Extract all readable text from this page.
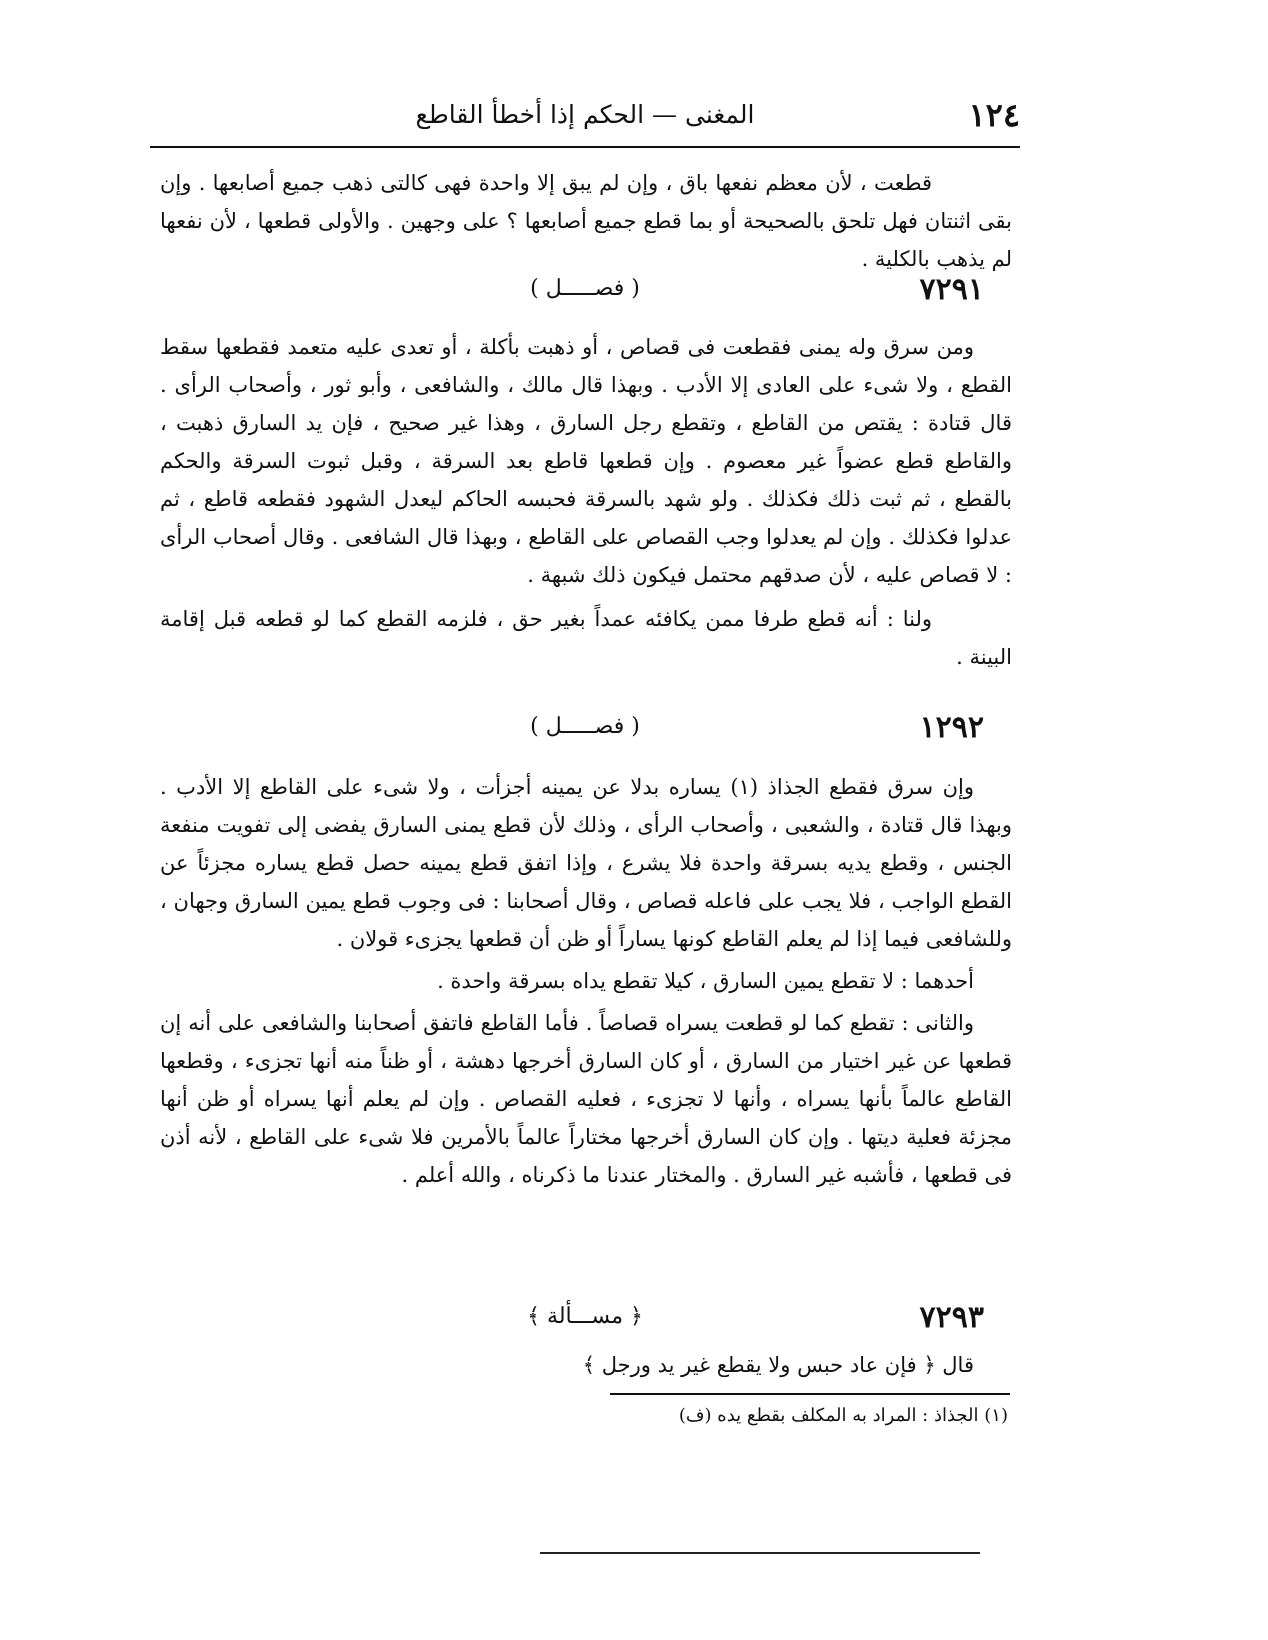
١٢٤
المغنى — الحكم إذا أخطأ القاطع

قطعت ، لأن معظم نفعها باق ، وإن لم يبق إلا واحدة فهى كالتى ذهب جميع أصابعها . وإن بقى اثنتان فهل تلحق بالصحيحة أو بما قطع جميع أصابعها ؟ على وجهين . والأولى قطعها ، لأن نفعها لم يذهب بالكلية .

٧٢٩١
( فصـــــل )

ومن سرق وله يمنى فقطعت فى قصاص ، أو ذهبت بأكلة ، أو تعدى عليه متعمد فقطعها سقط القطع ، ولا شىء على العادى إلا الأدب . وبهذا قال مالك ، والشافعى ، وأبو ثور ، وأصحاب الرأى . قال قتادة : يقتص من القاطع ، وتقطع رجل السارق ، وهذا غير صحيح ، فإن يد السارق ذهبت ، والقاطع قطع عضواً غير معصوم . وإن قطعها قاطع بعد السرقة ، وقبل ثبوت السرقة والحكم بالقطع ، ثم ثبت ذلك فكذلك . ولو شهد بالسرقة فحبسه الحاكم ليعدل الشهود فقطعه قاطع ، ثم عدلوا فكذلك . وإن لم يعدلوا وجب القصاص على القاطع ، وبهذا قال الشافعى . وقال أصحاب الرأى : لا قصاص عليه ، لأن صدقهم محتمل فيكون ذلك شبهة .

ولنا : أنه قطع طرفا ممن يكافئه عمداً بغير حق ، فلزمه القطع كما لو قطعه قبل إقامة البينة .

١٢٩٢
( فصـــــل )

وإن سرق فقطع الجذاذ (١) يساره بدلا عن يمينه أجزأت ، ولا شىء على القاطع إلا الأدب . وبهذا قال قتادة ، والشعبى ، وأصحاب الرأى ، وذلك لأن قطع يمنى السارق يفضى إلى تفويت منفعة الجنس ، وقطع يديه بسرقة واحدة فلا يشرع ، وإذا اتفق قطع يمينه حصل قطع يساره مجزئاً عن القطع الواجب ، فلا يجب على فاعله قصاص ، وقال أصحابنا : فى وجوب قطع يمين السارق وجهان ، وللشافعى فيما إذا لم يعلم القاطع كونها يساراً أو ظن أن قطعها يجزىء قولان .

أحدهما : لا تقطع يمين السارق ، كيلا تقطع يداه بسرقة واحدة .

والثانى : تقطع كما لو قطعت يسراه قصاصاً . فأما القاطع فاتفق أصحابنا والشافعى على أنه إن قطعها عن غير اختيار من السارق ، أو كان السارق أخرجها دهشة ، أو ظناً منه أنها تجزىء ، وقطعها القاطع عالماً بأنها يسراه ، وأنها لا تجزىء ، فعليه القصاص . وإن لم يعلم أنها يسراه أو ظن أنها مجزئة فعلية ديتها . وإن كان السارق أخرجها مختاراً عالماً بالأمرين فلا شىء على القاطع ، لأنه أذن فى قطعها ، فأشبه غير السارق . والمختار عندنا ما ذكرناه ، والله أعلم .

٧٢٩٣
﴿ مســـألة ﴾

قال ﴿ فإن عاد حبس ولا يقطع غير يد ورجل ﴾

(١) الجذاذ : المراد به المكلف بقطع يده (ف)
